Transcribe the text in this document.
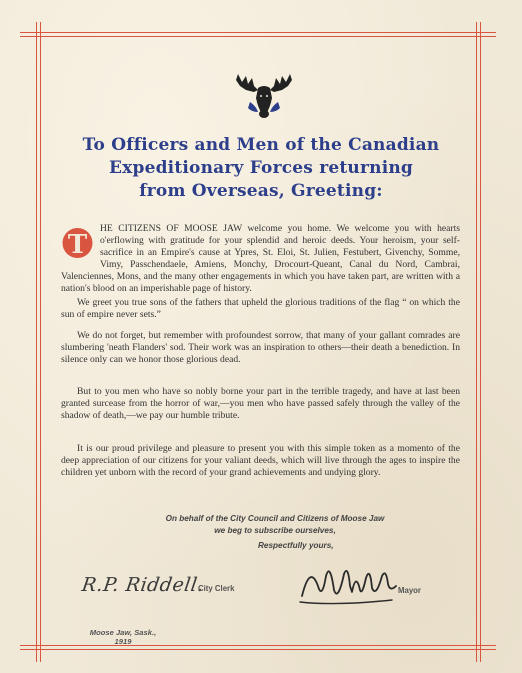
To Officers and Men of the Canadian
Expeditionary Forces returning
from Overseas, Greeting:
T
HE CITIZENS OF MOOSE JAW welcome you home. We welcome you with hearts o'erflowing with gratitude for your splendid and heroic deeds. Your heroism, your self-sacrifice in an Empire's cause at Ypres, St. Eloi, St. Julien, Festubert, Givenchy, Somme, Vimy, Passchendaele, Amiens, Monchy, Drocourt-Queant, Canal du Nord, Cambrai, Valenciennes, Mons, and the many other engagements in which you have taken part, are written with a nation's blood on an imperishable page of history.
We greet you true sons of the fathers that upheld the glorious traditions of the flag “ on which the sun of empire never sets.”
We do not forget, but remember with profoundest sorrow, that many of your gallant comrades are slumbering 'neath Flanders' sod. Their work was an inspiration to others—their death a benediction. In silence only can we honor those glorious dead.
But to you men who have so nobly borne your part in the terrible tragedy, and have at last been granted surcease from the horror of war,—you men who have passed safely through the valley of the shadow of death,—we pay our humble tribute.
It is our proud privilege and pleasure to present you with this simple token as a momento of the deep appreciation of our citizens for your valiant deeds, which will live through the ages to inspire the children yet unborn with the record of your grand achievements and undying glory.
On behalf of the City Council and Citizens of Moose Jaw
we beg to subscribe ourselves,
Respectfully yours,
R.P. Riddell.
City Clerk	Mayor
Moose Jaw, Sask.,
1919
